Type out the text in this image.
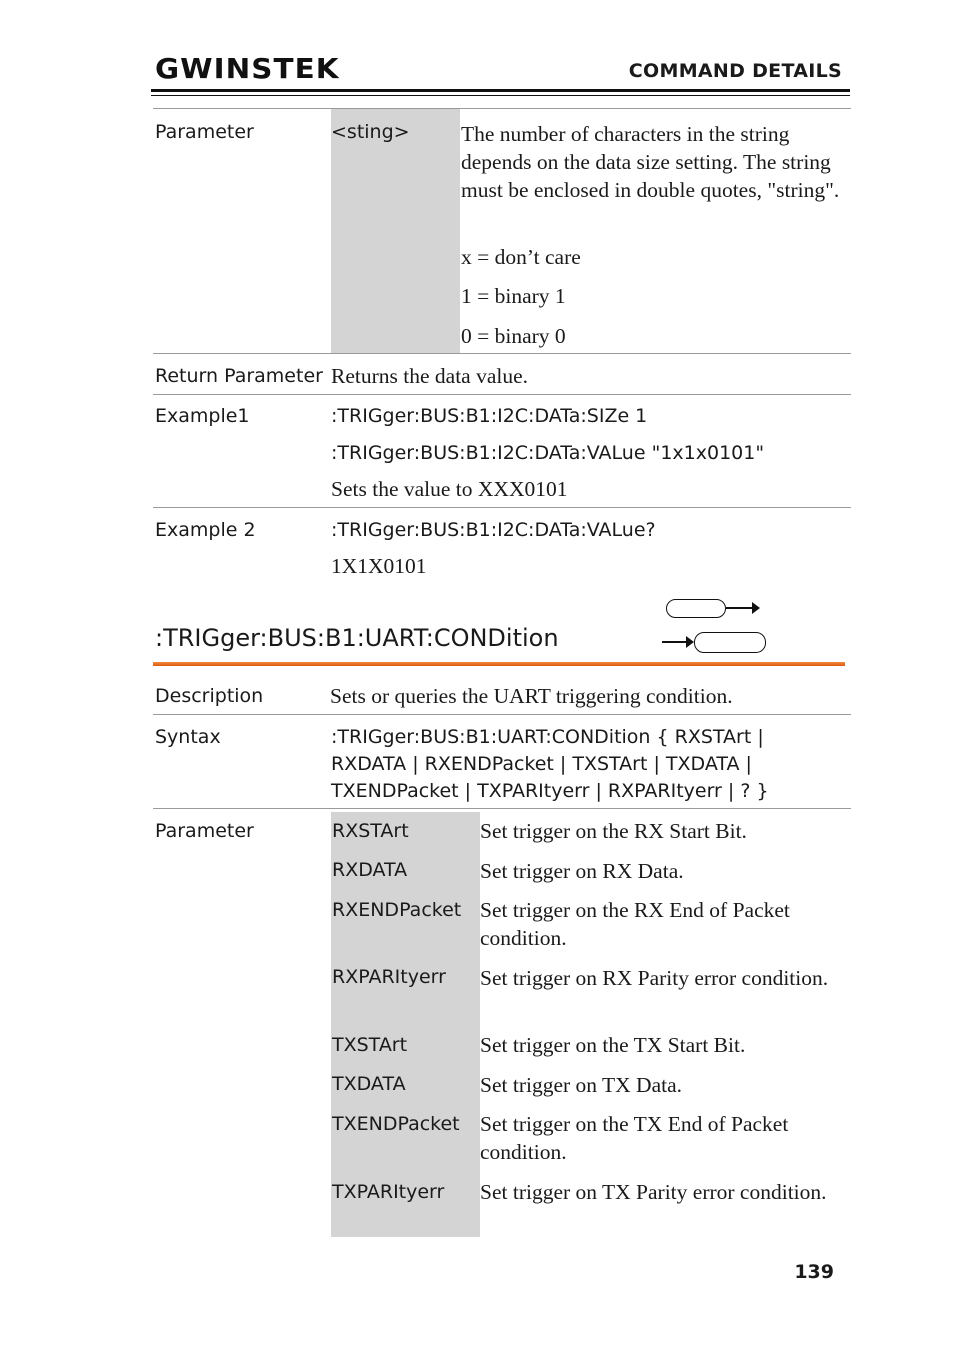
GWINSTEK	COMMAND DETAILS
Parameter	<sting> The number of characters in the string depends on the data size setting. The string must be enclosed in double quotes, "string".
x = don’t care
1 = binary 1
0 = binary 0
Return Parameter Returns the data value.
Example1	:TRIGger:BUS:B1:I2C:DATa:SIZe 1
:TRIGger:BUS:B1:I2C:DATa:VALue "1x1x0101"
Sets the value to XXX0101
Example 2	:TRIGger:BUS:B1:I2C:DATa:VALue?
1X1X0101
:TRIGger:BUS:B1:UART:CONDition
Description	Sets or queries the UART triggering condition.
Syntax	:TRIGger:BUS:B1:UART:CONDition { RXSTArt |
RXDATA | RXENDPacket | TXSTArt | TXDATA |
TXENDPacket | TXPARItyerr | RXPARItyerr | ? }
Parameter	RXSTArt	Set trigger on the RX Start Bit.
RXDATA	Set trigger on RX Data.
RXENDPacket Set trigger on the RX End of Packet condition.
RXPARItyerr Set trigger on RX Parity error condition.
TXSTArt	Set trigger on the TX Start Bit.
TXDATA	Set trigger on TX Data.
TXENDPacket Set trigger on the TX End of Packet condition.
TXPARItyerr Set trigger on TX Parity error condition.
139
